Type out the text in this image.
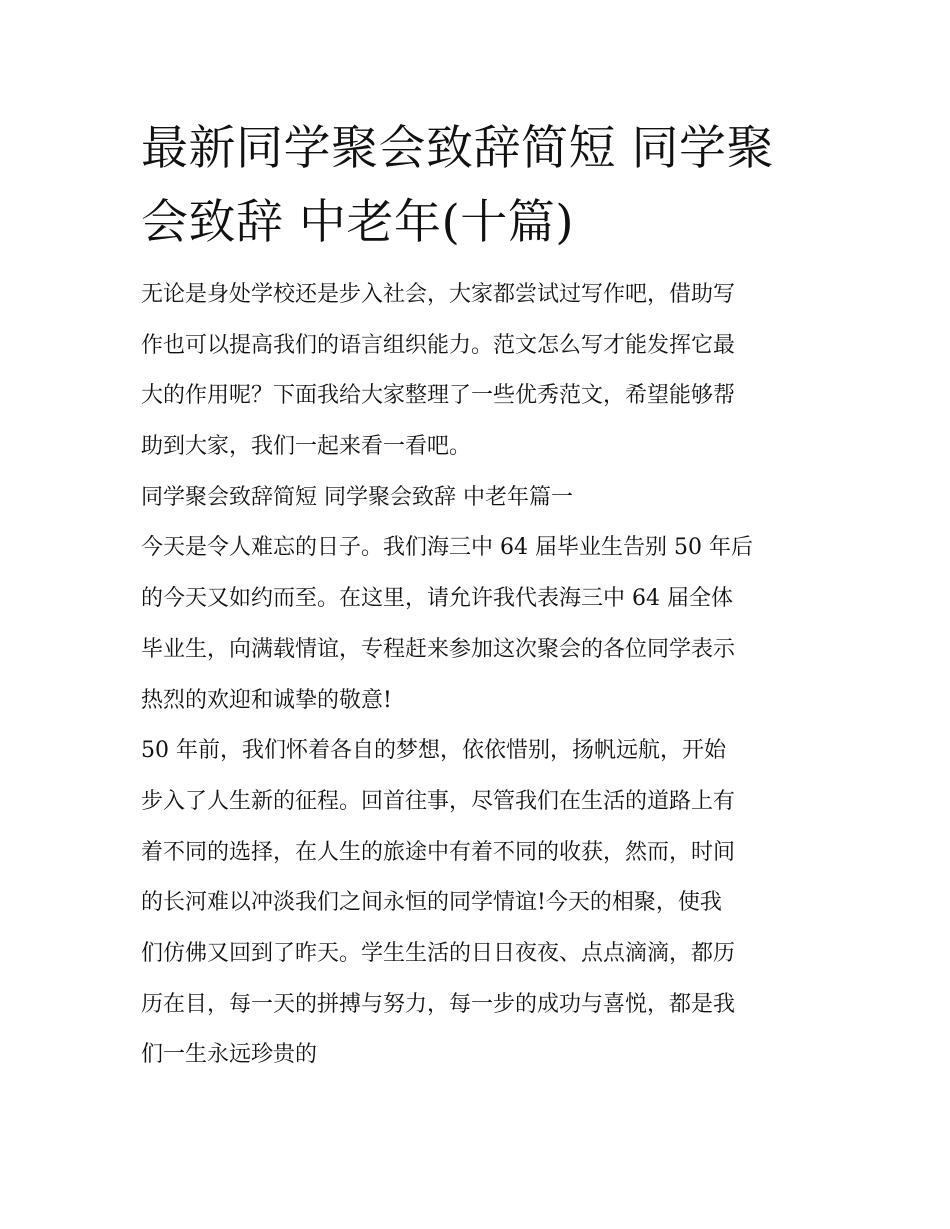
最新同学聚会致辞简短 同学聚
会致辞 中老年(十篇)
无论是身处学校还是步入社会，大家都尝试过写作吧，借助写
作也可以提高我们的语言组织能力。范文怎么写才能发挥它最
大的作用呢？下面我给大家整理了一些优秀范文，希望能够帮
助到大家，我们一起来看一看吧。
同学聚会致辞简短 同学聚会致辞 中老年篇一
今天是令人难忘的日子。我们海三中 64 届毕业生告别 50 年后
的今天又如约而至。在这里，请允许我代表海三中 64 届全体
毕业生，向满载情谊，专程赶来参加这次聚会的各位同学表示
热烈的欢迎和诚挚的敬意!
50 年前，我们怀着各自的梦想，依依惜别，扬帆远航，开始
步入了人生新的征程。回首往事，尽管我们在生活的道路上有
着不同的选择，在人生的旅途中有着不同的收获，然而，时间
的长河难以冲淡我们之间永恒的同学情谊!今天的相聚，使我
们仿佛又回到了昨天。学生生活的日日夜夜、点点滴滴，都历
历在目，每一天的拼搏与努力，每一步的成功与喜悦，都是我
们一生永远珍贵的
